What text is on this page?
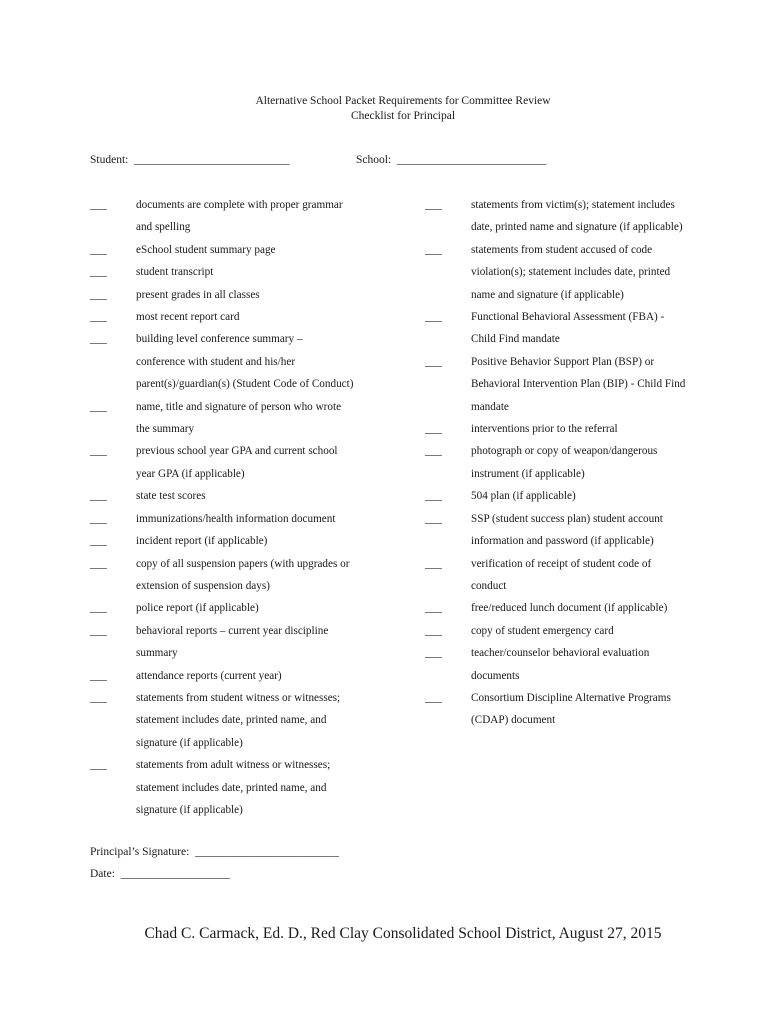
Alternative School Packet Requirements for Committee Review
Checklist for Principal
Student:  ___________________________	School:  __________________________
___	documents are complete with proper grammar
and spelling
___	eSchool student summary page
___	student transcript
___	present grades in all classes
___	most recent report card
___	building level conference summary –
conference with student and his/her
parent(s)/guardian(s) (Student Code of Conduct)
___	name, title and signature of person who wrote
the summary
___	previous school year GPA and current school
year GPA (if applicable)
___	state test scores
___	immunizations/health information document
___	incident report (if applicable)
___	copy of all suspension papers (with upgrades or
extension of suspension days)
___	police report (if applicable)
___	behavioral reports – current year discipline
summary
___	attendance reports (current year)
___	statements from student witness or witnesses;
statement includes date, printed name, and
signature (if applicable)
___	statements from adult witness or witnesses;
statement includes date, printed name, and
signature (if applicable)
___	statements from victim(s); statement includes
date, printed name and signature (if applicable)
___	statements from student accused of code
violation(s); statement includes date, printed
name and signature (if applicable)
___	Functional Behavioral Assessment (FBA) -
Child Find mandate
___	Positive Behavior Support Plan (BSP) or
Behavioral Intervention Plan (BIP) - Child Find
mandate
___	interventions prior to the referral
___	photograph or copy of weapon/dangerous
instrument (if applicable)
___	504 plan (if applicable)
___	SSP (student success plan) student account
information and password (if applicable)
___	verification of receipt of student code of
conduct
___	free/reduced lunch document (if applicable)
___	copy of student emergency card
___	teacher/counselor behavioral evaluation
documents
___	Consortium Discipline Alternative Programs
(CDAP) document
Principal’s Signature:  _________________________
Date:  ___________________
Chad C. Carmack, Ed. D., Red Clay Consolidated School District, August 27, 2015
